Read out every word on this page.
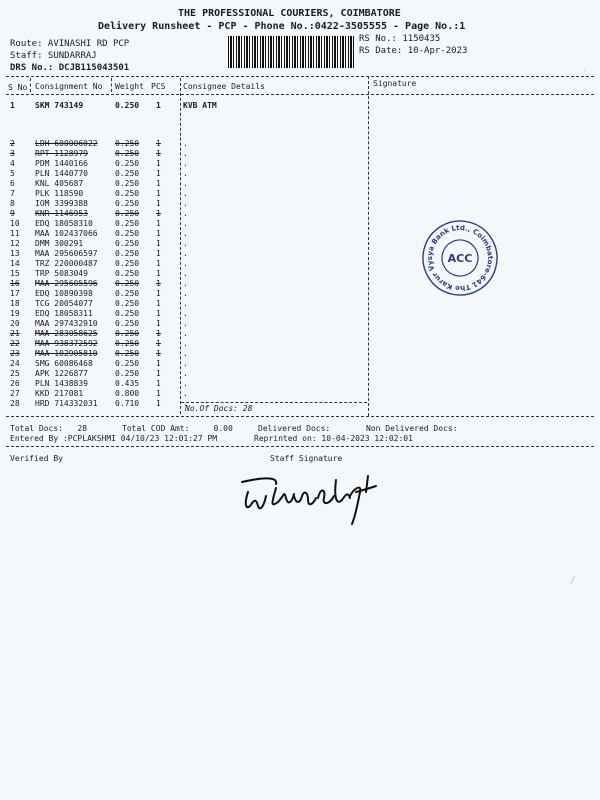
THE PROFESSIONAL COURIERS, COIMBATORE
Delivery Runsheet - PCP - Phone No.:0422-3505555 - Page No.:1
Route: AVINASHI RD PCP
Staff: SUNDARRAJ
DRS No.: DCJB115043501
RS No.: 1150435
RS Date: 10-Apr-2023
S No Consignment No Weight PCS Consignee Details	Signature
1	SKM 743149	0.250 1	KVB ATM
2	LDH 600006022 0.250 1	.
3	RPT 1128979	0.250 1	.
4	PDM 1440166	0.250 1	.
5	PLN 1440770	0.250 1	.
6	KNL 405687	0.250 1	.
7	PLK 118590	0.250 1	.
8	IOM 3399388	0.250 1	.
9	KNR 1146953	0.250 1	.
10 EDQ 18058310	0.250 1	.
11 MAA 102437066 0.250 1	.
12 DMM 300291	0.250 1	.
13 MAA 295606597 0.250 1	.
14 TRZ 220000487 0.250 1	.
15 TRP 5083049	0.250 1	.
16 MAA 295605596 0.250 1	.
17 EDQ 10890398	0.250 1	.
18 TCG 20054077	0.250 1	.
19 EDQ 18058311	0.250 1	.
20 MAA 297432910 0.250 1	.
21 MAA 283058625 0.250 1	.
22 MAA 938372592 0.250 1	.
23 MAA 102905810 0.250 1	.
24 SMG 60086468	0.250 1	.
25 APK 1226877	0.250 1	.
26 PLN 1438839	0.435 1	.
27 KKD 217081	0.800 1	.
28 HRD 714332031 0.710 1	.
No.Of Docs: 28
Total Docs:   28	Total COD Amt:     0.00	Delivered Docs:	Non Delivered Docs:
Entered By :PCPLAKSHMI 04/10/23 12:01:27 PM	Reprinted on: 10-04-2023 12:02:01
Verified By	Staff Signature
The Karur Vysya Bank Ltd., Coimbatore-641004
ACC
`
/
